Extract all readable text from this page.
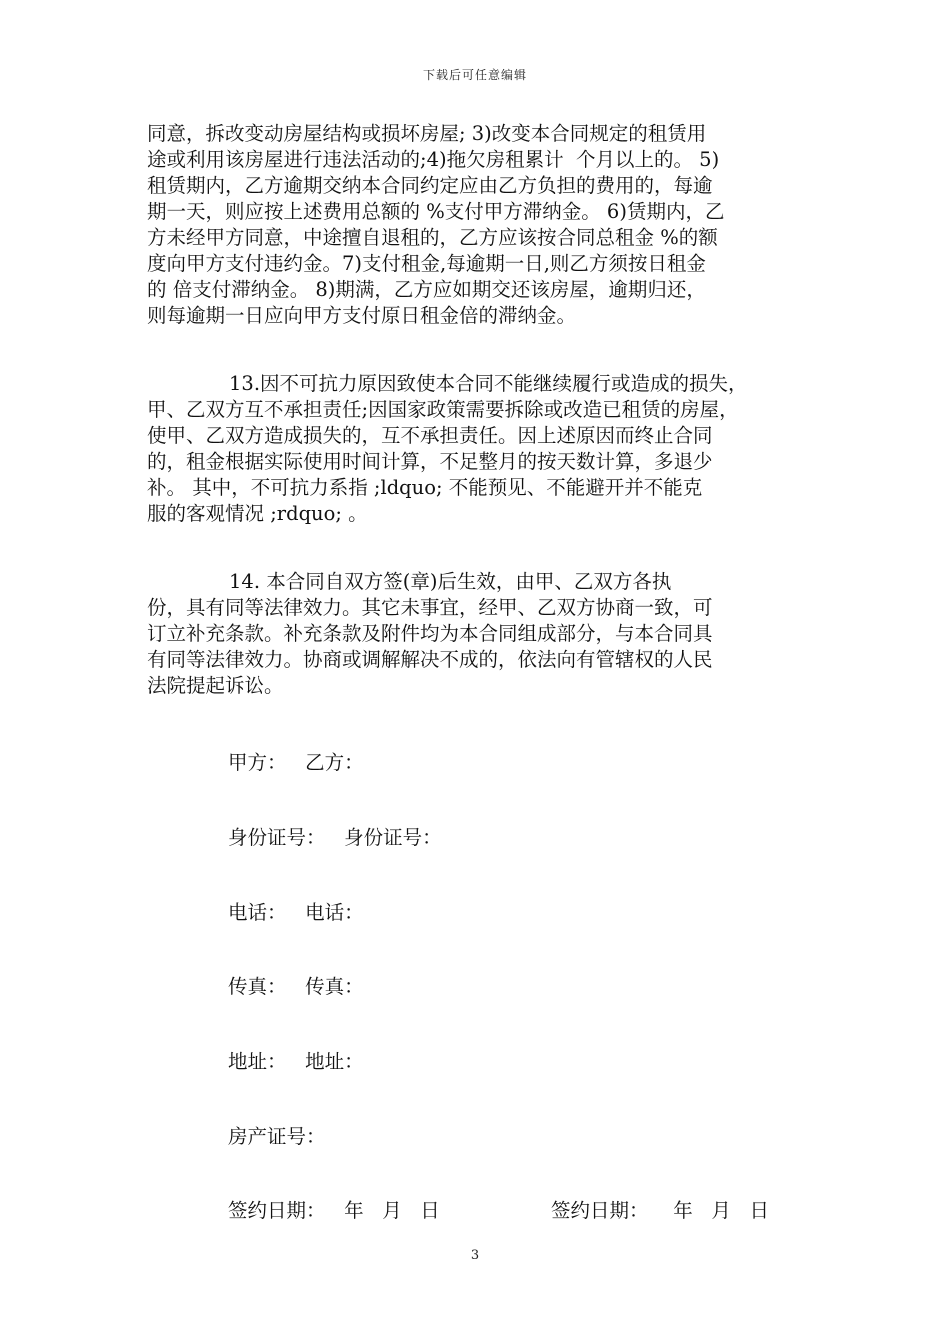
下载后可任意编辑
同意，拆改变动房屋结构或损坏房屋; 3)改变本合同规定的租赁用
途或利用该房屋进行违法活动的;4)拖欠房租累计  个月以上的。 5)
租赁期内，乙方逾期交纳本合同约定应由乙方负担的费用的，每逾
期一天，则应按上述费用总额的 %支付甲方滞纳金。 6)赁期内，乙
方未经甲方同意，中途擅自退租的，乙方应该按合同总租金 %的额
度向甲方支付违约金。7)支付租金,每逾期一日,则乙方须按日租金
的 倍支付滞纳金。 8)期满，乙方应如期交还该房屋，逾期归还，
则每逾期一日应向甲方支付原日租金倍的滞纳金。
13.因不可抗力原因致使本合同不能继续履行或造成的损失，
甲、乙双方互不承担责任;因国家政策需要拆除或改造已租赁的房屋，
使甲、乙双方造成损失的，互不承担责任。因上述原因而终止合同
的，租金根据实际使用时间计算，不足整月的按天数计算，多退少
补。 其中，不可抗力系指 ;ldquo; 不能预见、不能避开并不能克
服的客观情况 ;rdquo; 。
14. 本合同自双方签(章)后生效，由甲、乙双方各执
份，具有同等法律效力。其它未事宜，经甲、乙双方协商一致，可
订立补充条款。补充条款及附件均为本合同组成部分，与本合同具
有同等法律效力。协商或调解解决不成的，依法向有管辖权的人民
法院提起诉讼。
甲方：   乙方：
身份证号：   身份证号：
电话：   电话：
传真：   传真：
地址：   地址：
房产证号：
签约日期：   年   月   日	签约日期：    年   月   日
3
